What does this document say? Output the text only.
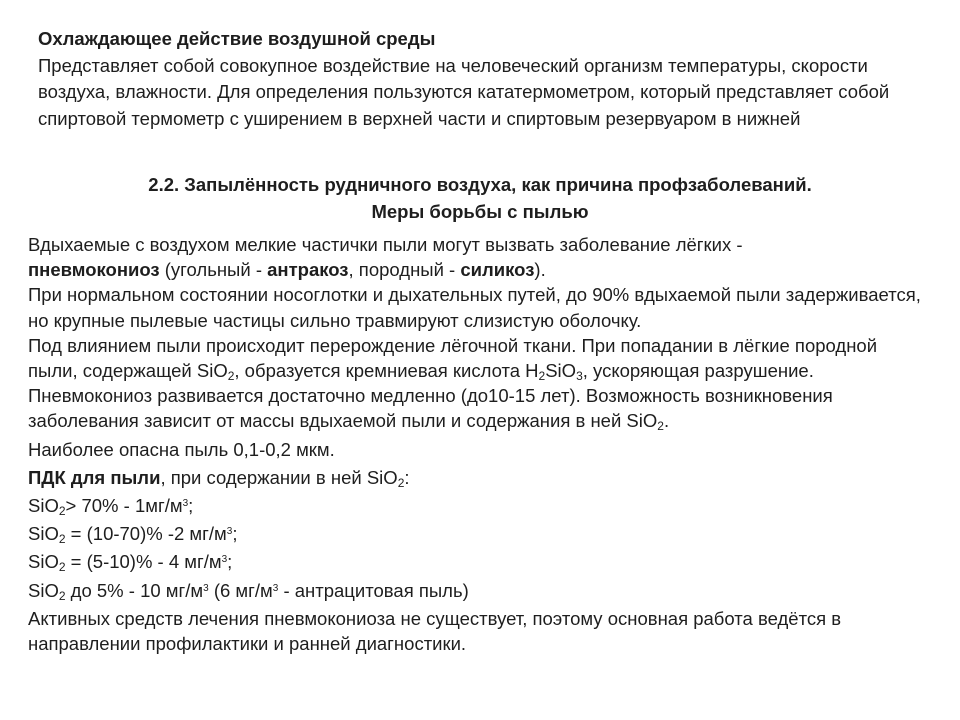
Охлаждающее действие воздушной среды
Представляет собой совокупное воздействие на человеческий организм температуры, скорости воздуха, влажности. Для определения пользуются кататермометром, который представляет собой спиртовой термометр с уширением в верхней части и спиртовым резервуаром в нижней
2.2. Запылённость рудничного воздуха, как причина профзаболеваний. Меры борьбы с пылью

Вдыхаемые с воздухом мелкие частички пыли могут вызвать заболевание лёгких -
пневмокониоз (угольный - антракоз, породный - силикоз).

При нормальном состоянии носоглотки и дыхательных путей, до 90% вдыхаемой пыли задерживается, но крупные пылевые частицы сильно травмируют слизистую оболочку.

Под влиянием пыли происходит перерождение лёгочной ткани. При попадании в лёгкие породной пыли, содержащей SiO$_2$, образуется кремниевая кислота $H_2SiO_3$, ускоряющая разрушение.

Пневмокониоз развивается достаточно медленно (до10-15 лет). Возможность возникновения заболевания зависит от массы вдыхаемой пыли и содержания в ней SiO$_2$.

Наиболее опасна пыль 0,1-0,2 мкм.

ПДК для пыли, при содержании в ней SiO$_2$:

$SiO_2> 70\% - 1мг/м^3$;

SiO$_2$ = (10-70)% -2 $мг/м^3$;

SiO$_2$ = (5-10)% - 4 $мг/м^3$;

SiO$_2$ до 5% - 10 $мг/м^3$ (6 $мг/м^3$ - антрацитовая пыль)

Активных средств лечения пневмокониоза не существует, поэтому основная работа ведётся в направлении профилактики и ранней диагностики.
